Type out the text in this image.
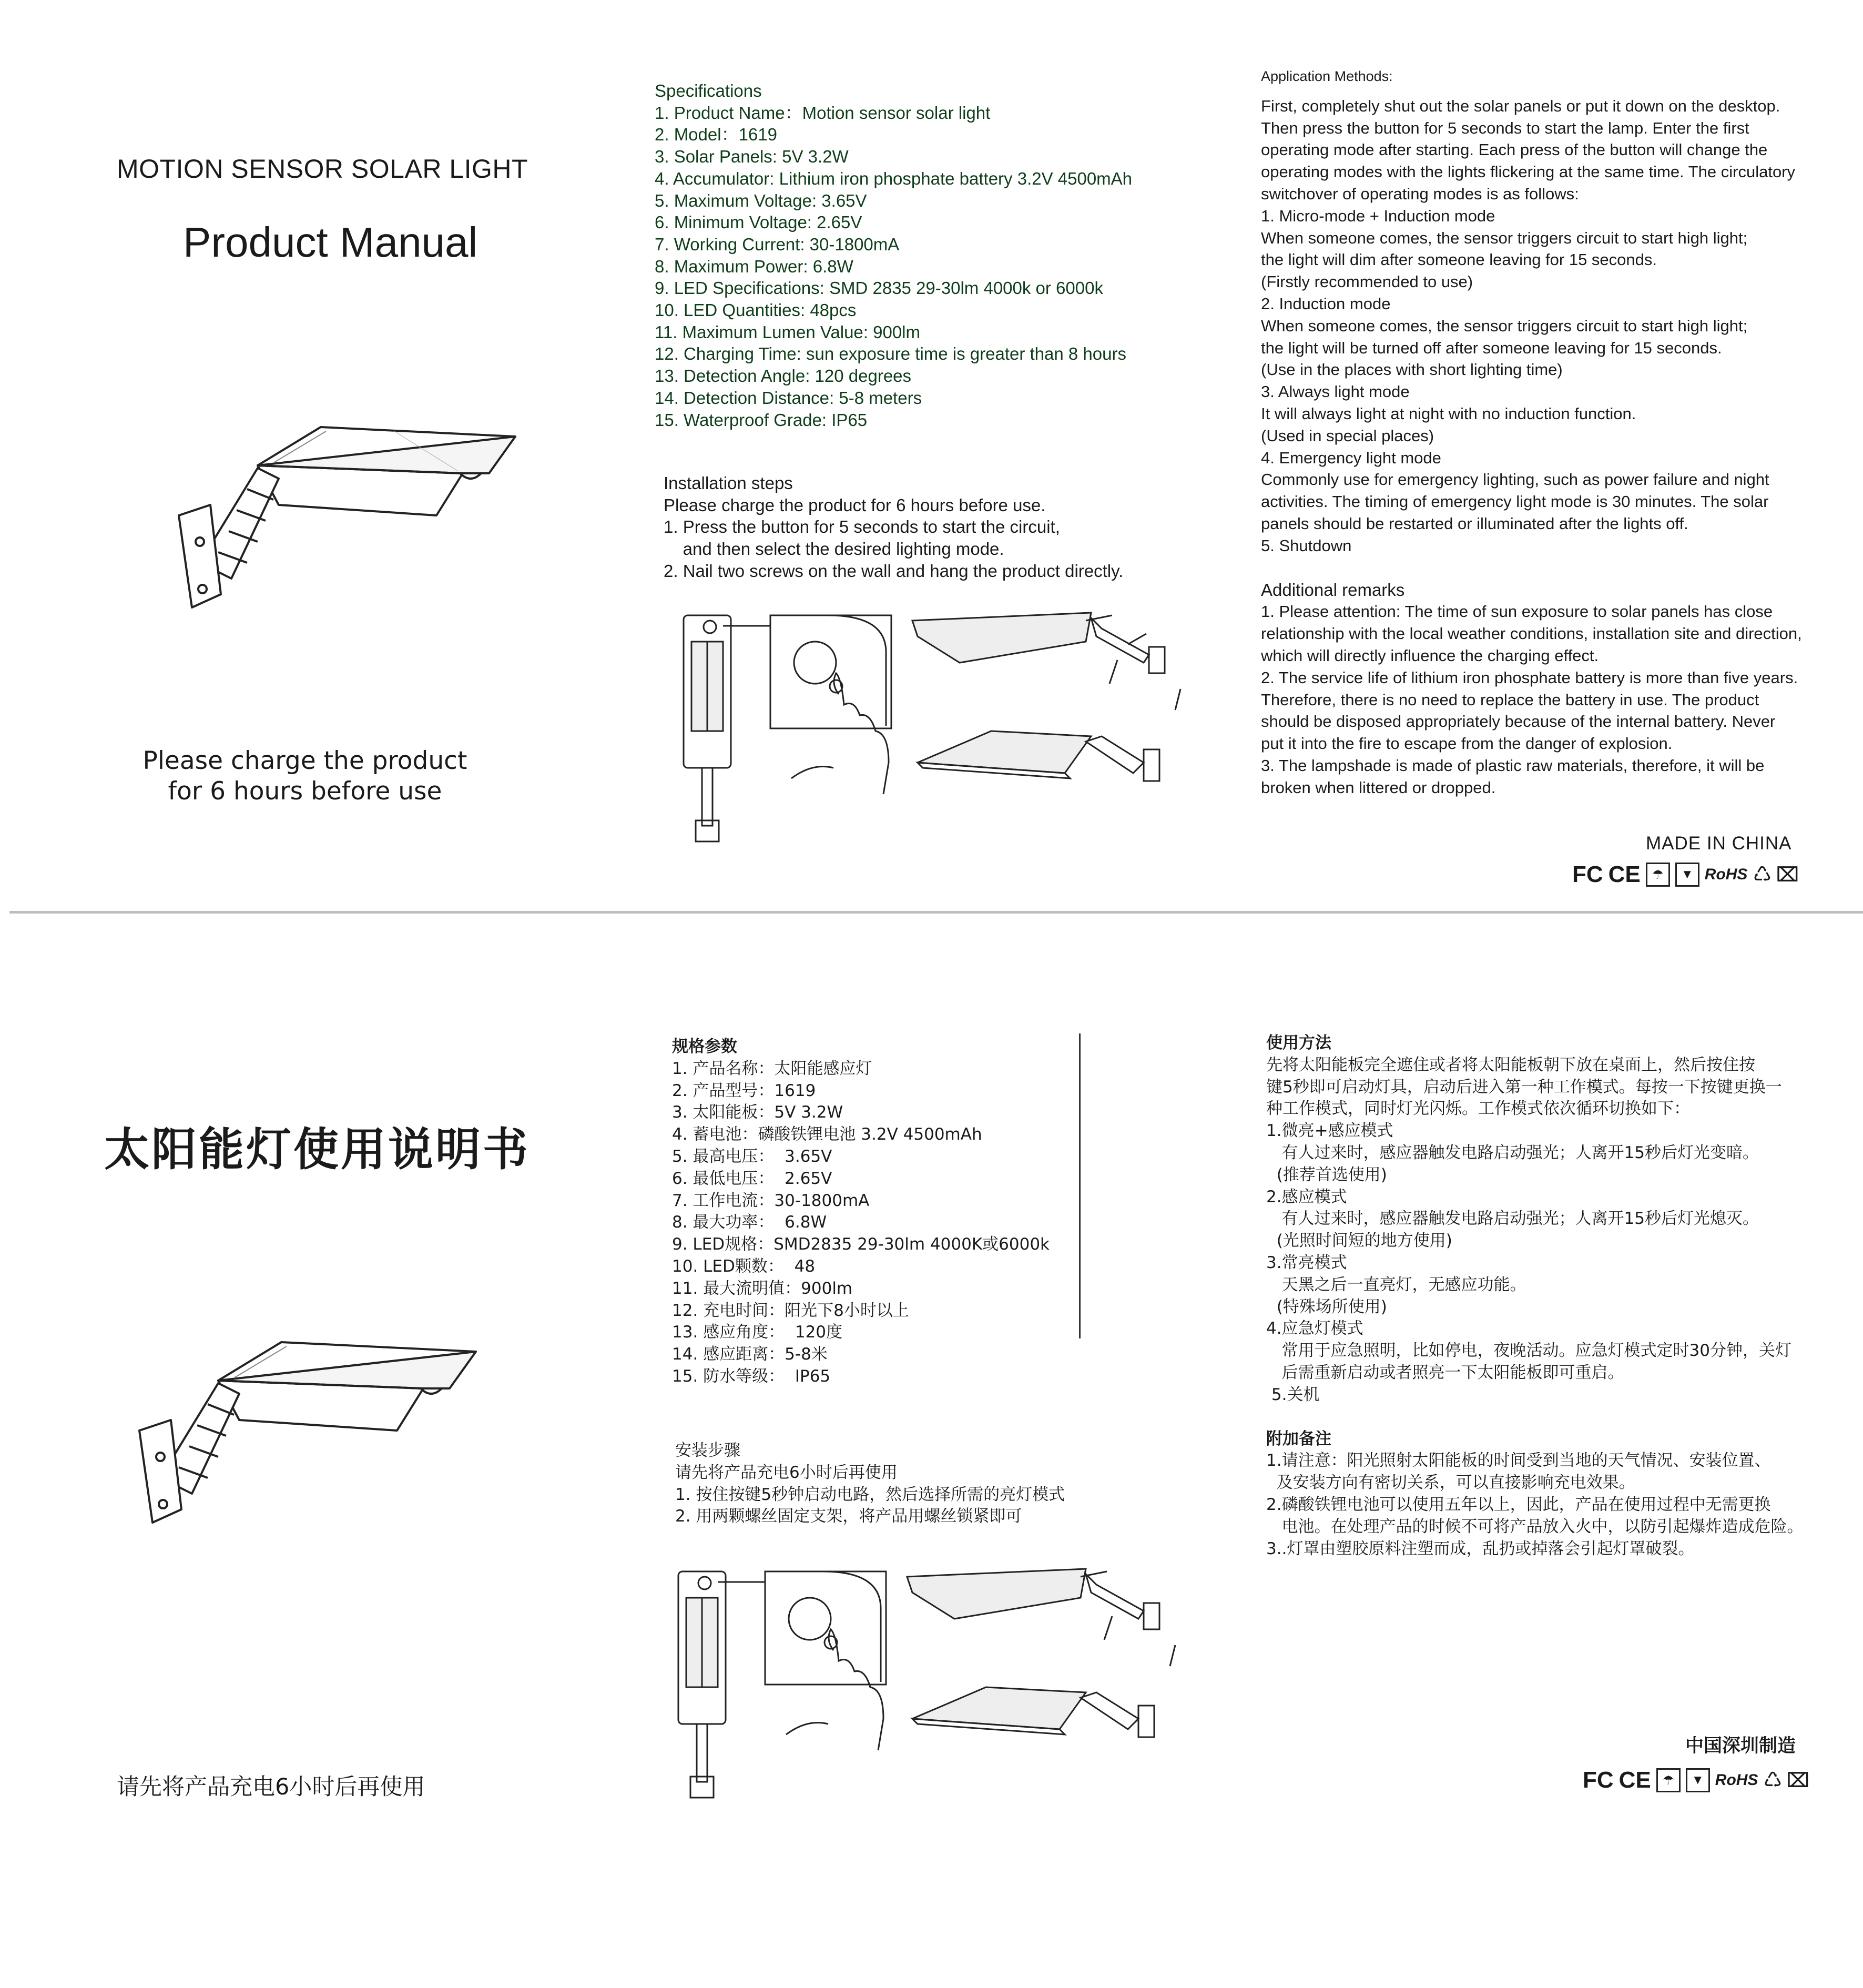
MOTION SENSOR SOLAR LIGHT
Product Manual
Please charge the product
for 6 hours before use
Specifications
1. Product Name：Motion sensor solar light
2. Model：1619
3. Solar Panels: 5V 3.2W
4. Accumulator: Lithium iron phosphate battery 3.2V 4500mAh
5. Maximum Voltage: 3.65V
6. Minimum Voltage: 2.65V
7. Working Current: 30-1800mA
8. Maximum Power: 6.8W
9. LED Specifications: SMD 2835 29-30lm 4000k or 6000k
10. LED Quantities: 48pcs
11. Maximum Lumen Value: 900lm
12. Charging Time: sun exposure time is greater than 8 hours
13. Detection Angle: 120 degrees
14. Detection Distance: 5-8 meters
15. Waterproof Grade: IP65
Installation steps
Please charge the product for 6 hours before use.
1. Press the button for 5 seconds to start the circuit,
and then select the desired lighting mode.
2. Nail two screws on the wall and hang the product directly.
Application Methods:
First, completely shut out the solar panels or put it down on the desktop.
Then press the button for 5 seconds to start the lamp. Enter the first
operating mode after starting. Each press of the button will change the
operating modes with the lights flickering at the same time. The circulatory
switchover of operating modes is as follows:
1. Micro-mode + Induction mode
When someone comes, the sensor triggers circuit to start high light;
the light will dim after someone leaving for 15 seconds.
(Firstly recommended to use)
2. Induction mode
When someone comes, the sensor triggers circuit to start high light;
the light will be turned off after someone leaving for 15 seconds.
(Use in the places with short lighting time)
3. Always light mode
It will always light at night with no induction function.
(Used in special places)
4. Emergency light mode
Commonly use for emergency lighting, such as power failure and night
activities. The timing of emergency light mode is 30 minutes. The solar
panels should be restarted or illuminated after the lights off.
5. Shutdown
Additional remarks
1. Please attention: The time of sun exposure to solar panels has close
relationship with the local weather conditions, installation site and direction,
which will directly influence the charging effect.
2. The service life of lithium iron phosphate battery is more than five years.
Therefore, there is no need to replace the battery in use. The product
should be disposed appropriately because of the internal battery. Never
put it into the fire to escape from the danger of explosion.
3. The lampshade is made of plastic raw materials, therefore, it will be
broken when littered or dropped.
MADE IN CHINA
FC CE ☂	▼ RoHS ♺ ⌧
太阳能灯使用说明书
请先将产品充电6小时后再使用
规格参数
1. 产品名称：太阳能感应灯
2. 产品型号：1619
3. 太阳能板：5V 3.2W
4. 蓄电池：磷酸铁锂电池 3.2V 4500mAh
5. 最高电压：  3.65V
6. 最低电压：  2.65V
7. 工作电流：30-1800mA
8. 最大功率：  6.8W
9. LED规格：SMD2835 29-30lm 4000K或6000k
10. LED颗数：  48
11. 最大流明值：900lm
12. 充电时间：阳光下8小时以上
13. 感应角度：  120度
14. 感应距离：5-8米
15. 防水等级：  IP65
安装步骤
请先将产品充电6小时后再使用
1. 按住按键5秒钟启动电路，然后选择所需的亮灯模式
2. 用两颗螺丝固定支架，将产品用螺丝锁紧即可
使用方法
先将太阳能板完全遮住或者将太阳能板朝下放在桌面上，然后按住按
键5秒即可启动灯具，启动后进入第一种工作模式。每按一下按键更换一
种工作模式，同时灯光闪烁。工作模式依次循环切换如下：
1.微亮+感应模式
有人过来时，感应器触发电路启动强光；人离开15秒后灯光变暗。
(推荐首选使用)
2.感应模式
有人过来时，感应器触发电路启动强光；人离开15秒后灯光熄灭。
(光照时间短的地方使用)
3.常亮模式
天黑之后一直亮灯，无感应功能。
(特殊场所使用)
4.应急灯模式
常用于应急照明，比如停电，夜晚活动。应急灯模式定时30分钟，关灯
后需重新启动或者照亮一下太阳能板即可重启。
5.关机
附加备注
1.请注意：阳光照射太阳能板的时间受到当地的天气情况、安装位置、
及安装方向有密切关系，可以直接影响充电效果。
2.磷酸铁锂电池可以使用五年以上，因此，产品在使用过程中无需更换
电池。在处理产品的时候不可将产品放入火中，以防引起爆炸造成危险。
3..灯罩由塑胶原料注塑而成，乱扔或掉落会引起灯罩破裂。
中国深圳制造
FC CE ☂	▼ RoHS ♺ ⌧
